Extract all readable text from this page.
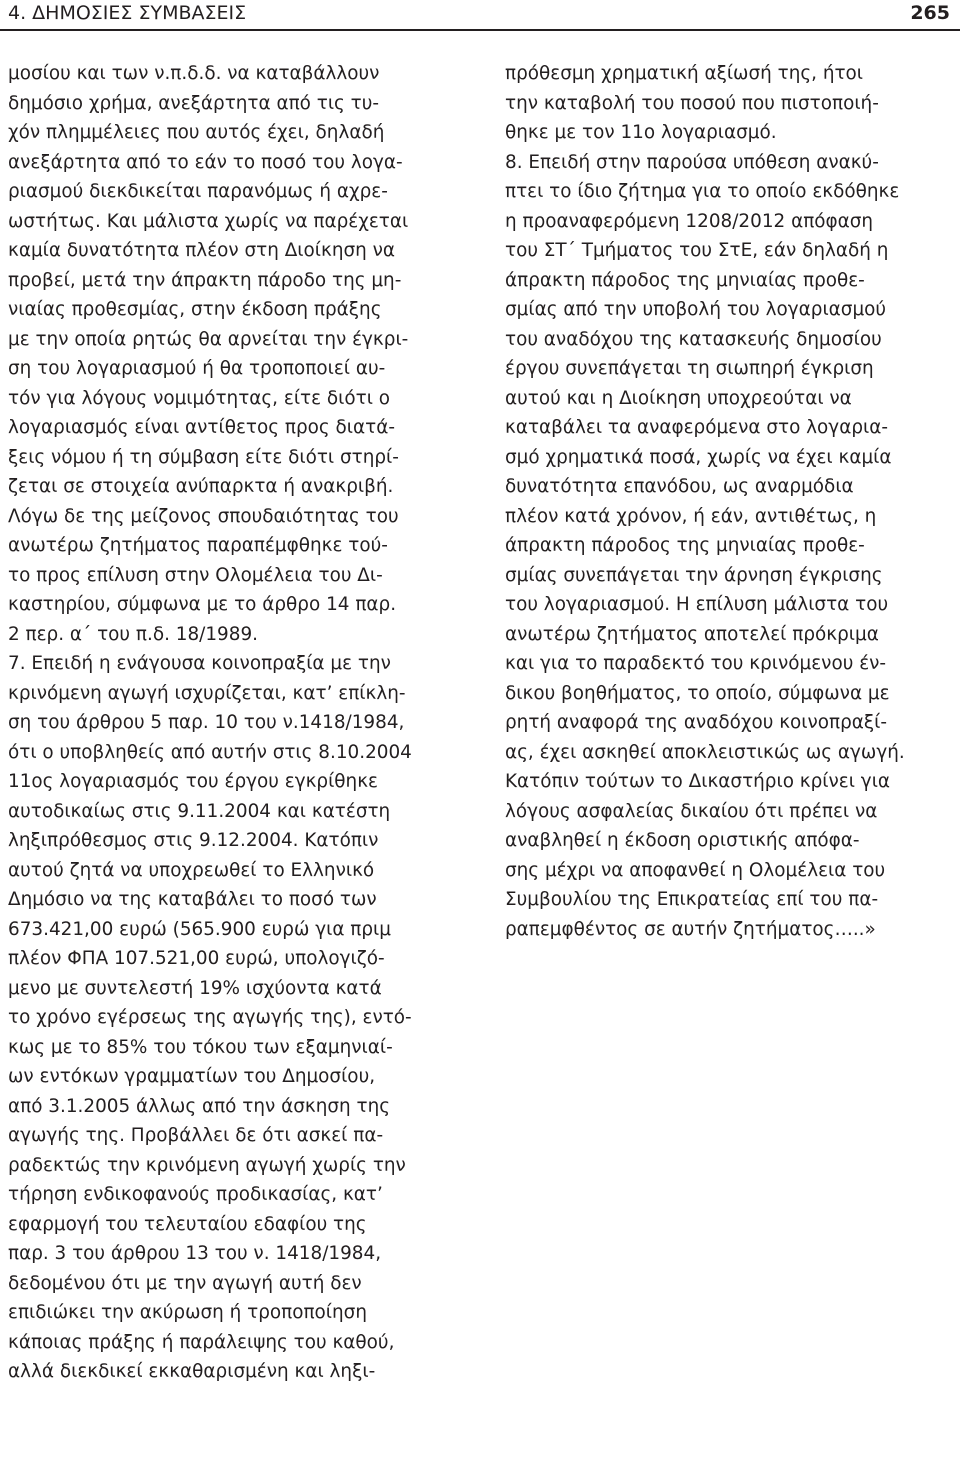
4. ΔΗΜΟΣΙΕΣ ΣΥΜΒΑΣΕΙΣ	265
μοσίου και των ν.π.δ.δ. να καταβάλλουν
δημόσιο χρήμα, ανεξάρτητα από τις τυ-
χόν πλημμέλειες που αυτός έχει, δηλαδή
ανεξάρτητα από το εάν το ποσό του λογα-
ριασμού διεκδικείται παρανόμως ή αχρε-
ωστήτως. Και μάλιστα χωρίς να παρέχεται
καμία δυνατότητα πλέον στη Διοίκηση να
προβεί, μετά την άπρακτη πάροδο της μη-
νιαίας προθεσμίας, στην έκδοση πράξης
με την οποία ρητώς θα αρνείται την έγκρι-
ση του λογαριασμού ή θα τροποποιεί αυ-
τόν για λόγους νομιμότητας, είτε διότι ο
λογαριασμός είναι αντίθετος προς διατά-
ξεις νόμου ή τη σύμβαση είτε διότι στηρί-
ζεται σε στοιχεία ανύπαρκτα ή ανακριβή.
Λόγω δε της μείζονος σπουδαιότητας του
ανωτέρω ζητήματος παραπέμφθηκε τού-
το προς επίλυση στην Ολομέλεια του Δι-
καστηρίου, σύμφωνα με το άρθρο 14 παρ.
2 περ. α΄ του π.δ. 18/1989.
7. Επειδή η ενάγουσα κοινοπραξία με την
κρινόμενη αγωγή ισχυρίζεται, κατ’ επίκλη-
ση του άρθρου 5 παρ. 10 του ν.1418/1984,
ότι ο υποβληθείς από αυτήν στις 8.10.2004
11ος λογαριασμός του έργου εγκρίθηκε
αυτοδικαίως στις 9.11.2004 και κατέστη
ληξιπρόθεσμος στις 9.12.2004. Κατόπιν
αυτού ζητά να υποχρεωθεί το Ελληνικό
Δημόσιο να της καταβάλει το ποσό των
673.421,00 ευρώ (565.900 ευρώ για πριμ
πλέον ΦΠΑ 107.521,00 ευρώ, υπολογιζό-
μενο με συντελεστή 19% ισχύοντα κατά
το χρόνο εγέρσεως της αγωγής της), εντό-
κως με το 85% του τόκου των εξαμηνιαί-
ων εντόκων γραμματίων του Δημοσίου,
από 3.1.2005 άλλως από την άσκηση της
αγωγής της. Προβάλλει δε ότι ασκεί πα-
ραδεκτώς την κρινόμενη αγωγή χωρίς την
τήρηση ενδικοφανούς προδικασίας, κατ’
εφαρμογή του τελευταίου εδαφίου της
παρ. 3 του άρθρου 13 του ν. 1418/1984,
δεδομένου ότι με την αγωγή αυτή δεν
επιδιώκει την ακύρωση ή τροποποίηση
κάποιας πράξης ή παράλειψης του καθού,
αλλά διεκδικεί εκκαθαρισμένη και ληξι-
πρόθεσμη χρηματική αξίωσή της, ήτοι
την καταβολή του ποσού που πιστοποιή-
θηκε με τον 11ο λογαριασμό.
8. Επειδή στην παρούσα υπόθεση ανακύ-
πτει το ίδιο ζήτημα για το οποίο εκδόθηκε
η προαναφερόμενη 1208/2012 απόφαση
του ΣΤ΄ Τμήματος του ΣτΕ, εάν δηλαδή η
άπρακτη πάροδος της μηνιαίας προθε-
σμίας από την υποβολή του λογαριασμού
του αναδόχου της κατασκευής δημοσίου
έργου συνεπάγεται τη σιωπηρή έγκριση
αυτού και η Διοίκηση υποχρεούται να
καταβάλει τα αναφερόμενα στο λογαρια-
σμό χρηματικά ποσά, χωρίς να έχει καμία
δυνατότητα επανόδου, ως αναρμόδια
πλέον κατά χρόνον, ή εάν, αντιθέτως, η
άπρακτη πάροδος της μηνιαίας προθε-
σμίας συνεπάγεται την άρνηση έγκρισης
του λογαριασμού. Η επίλυση μάλιστα του
ανωτέρω ζητήματος αποτελεί πρόκριμα
και για το παραδεκτό του κρινόμενου έν-
δικου βοηθήματος, το οποίο, σύμφωνα με
ρητή αναφορά της αναδόχου κοινοπραξί-
ας, έχει ασκηθεί αποκλειστικώς ως αγωγή.
Κατόπιν τούτων το Δικαστήριο κρίνει για
λόγους ασφαλείας δικαίου ότι πρέπει να
αναβληθεί η έκδοση οριστικής απόφα-
σης μέχρι να αποφανθεί η Ολομέλεια του
Συμβουλίου της Επικρατείας επί του πα-
ραπεμφθέντος σε αυτήν ζητήματος…..»
